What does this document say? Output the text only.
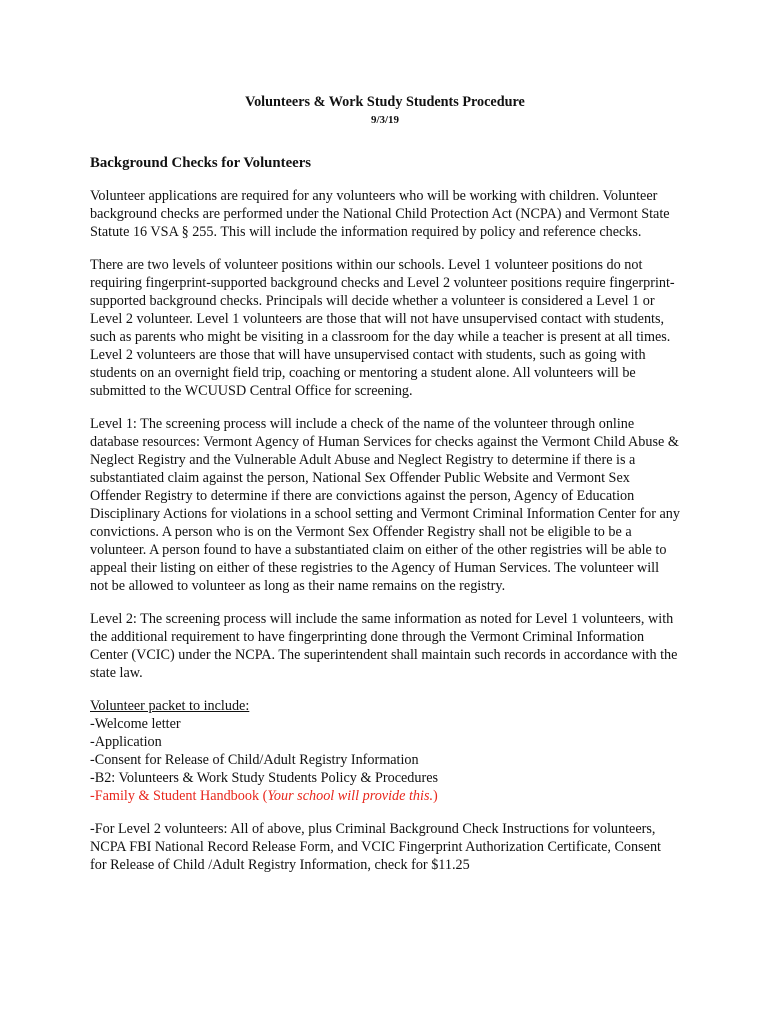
Volunteers & Work Study Students Procedure
9/3/19
Background Checks for Volunteers

Volunteer applications are required for any volunteers who will be working with children. Volunteer background checks are performed under the National Child Protection Act (NCPA) and Vermont State Statute 16 VSA § 255. This will include the information required by policy and reference checks.

There are two levels of volunteer positions within our schools. Level 1 volunteer positions do not requiring fingerprint-supported background checks and Level 2 volunteer positions require fingerprint-supported background checks. Principals will decide whether a volunteer is considered a Level 1 or Level 2 volunteer. Level 1 volunteers are those that will not have unsupervised contact with students, such as parents who might be visiting in a classroom for the day while a teacher is present at all times. Level 2 volunteers are those that will have unsupervised contact with students, such as going with students on an overnight field trip, coaching or mentoring a student alone. All volunteers will be submitted to the WCUUSD Central Office for screening.

Level 1: The screening process will include a check of the name of the volunteer through online database resources: Vermont Agency of Human Services for checks against the Vermont Child Abuse & Neglect Registry and the Vulnerable Adult Abuse and Neglect Registry to determine if there is a substantiated claim against the person, National Sex Offender Public Website and Vermont Sex Offender Registry to determine if there are convictions against the person, Agency of Education Disciplinary Actions for violations in a school setting and Vermont Criminal Information Center for any convictions. A person who is on the Vermont Sex Offender Registry shall not be eligible to be a volunteer. A person found to have a substantiated claim on either of the other registries will be able to appeal their listing on either of these registries to the Agency of Human Services. The volunteer will not be allowed to volunteer as long as their name remains on the registry.

Level 2: The screening process will include the same information as noted for Level 1 volunteers, with the additional requirement to have fingerprinting done through the Vermont Criminal Information Center (VCIC) under the NCPA. The superintendent shall maintain such records in accordance with the state law.

Volunteer packet to include:
-Welcome letter
-Application
-Consent for Release of Child/Adult Registry Information
-B2: Volunteers & Work Study Students Policy & Procedures
-Family & Student Handbook (Your school will provide this.)

-For Level 2 volunteers: All of above, plus Criminal Background Check Instructions for volunteers, NCPA FBI National Record Release Form, and VCIC Fingerprint Authorization Certificate, Consent for Release of Child /Adult Registry Information, check for $11.25
